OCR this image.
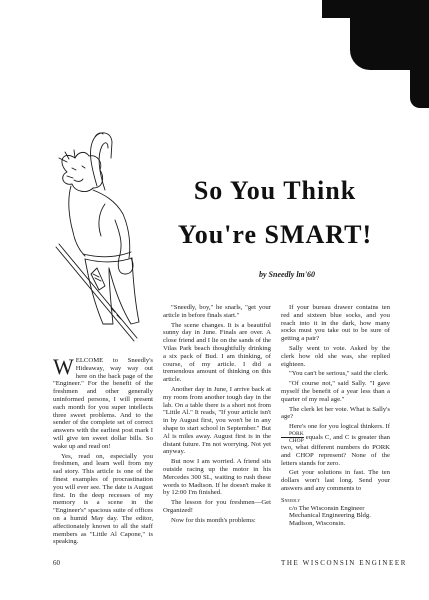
So You Think
You're SMART!
by Sneedly lm'60

WELCOME to Sneedly's Hideaway, way way out here on the back page of the "Engineer." For the benefit of the freshmen and other generally uninformed persons, I will present each month for you super intellects three sweet problems. And to the sender of the complete set of correct answers with the earliest post mark I will give ten sweet dollar bills. So wake up and read on!

Yes, read on, especially you freshmen, and learn well from my sad story. This article is one of the finest examples of procrastination you will ever see. The date is August first. In the deep recesses of my memory is a scene in the "Engineer's" spacious suite of offices on a humid May day. The editor, affectionately known to all the staff members as "Little Al Capone," is speaking.

"Sneedly, boy," he snarls, "get your article in before finals start."

The scene changes. It is a beautiful sunny day in June. Finals are over. A close friend and I lie on the sands of the Vilas Park beach thoughtfully drinking a six pack of Bud. I am thinking, of course, of my article. I did a tremendous amount of thinking on this article.

Another day in June, I arrive back at my room from another tough day in the lab. On a table there is a short not from "Little Al." It reads, "If your article isn't in by August first, you won't be in any shape to start school in September." But Al is miles away. August first is in the distant future. I'm not worrying. Not yet anyway.

But now I am worried. A friend sits outside racing up the motor in his Mercedes 300 SL, waiting to rush these words to Madison. If he doesn't make it by 12:00 I'm finished.

The lesson for you freshmen—Get Organized!

Now for this month's problems:

If your bureau drawer contains ten red and sixteen blue socks, and you reach into it in the dark, how many socks must you take out to be sure of getting a pair?

Sally went to vote. Asked by the clerk how old she was, she replied eighteen.

"You can't be serious," said the clerk.

"Of course not," said Sally. "I gave myself the benefit of a year less than a quarter of my real age."

The clerk let her vote. What is Sally's age?

Here's one for you logical thinkers. If
$\frac{\text{PORK}}{\text{CHOP}}$ equals C, and C is greater than two, what different numbers do PORK and CHOP represent? None of the letters stands for zero.

Get your solutions in fast. The ten dollars won't last long. Send your answers and any comments to

Sneedly
c/o The Wisconsin Engineer
Mechanical Engineering Bldg.
Madison, Wisconsin.
60	THE WISCONSIN ENGINEER
